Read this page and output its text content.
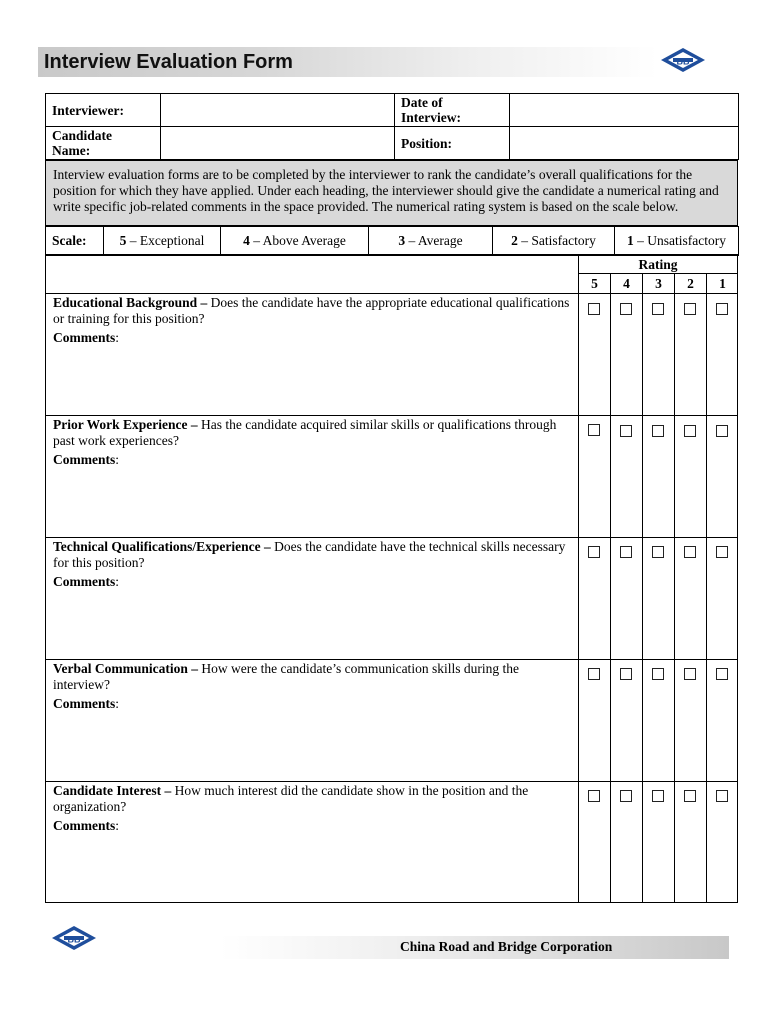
Interview Evaluation Form	BB
Interviewer:		Date of
Interview:	
Candidate
Name:		Position:	
Interview evaluation forms are to be completed by the interviewer to rank the candidate’s overall qualifications for the position for which they have applied. Under each heading, the interviewer should give the candidate a numerical rating and write specific job-related comments in the space provided. The numerical rating system is based on the scale below.
Scale:	5 – Exceptional	4 – Above Average	3 – Average	2 – Satisfactory	1 – Unsatisfactory
Rating
5	4	3	2	1
Educational Background – Does the candidate have the appropriate educational qualifications or training for this position?
Comments:
Prior Work Experience – Has the candidate acquired similar skills or qualifications through past work experiences?
Comments:
Technical Qualifications/Experience – Does the candidate have the technical skills necessary for this position?
Comments:
Verbal Communication – How were the candidate’s communication skills during the interview?
Comments:
Candidate Interest – How much interest did the candidate show in the position and the organization?
Comments:
BB	China Road and Bridge Corporation
